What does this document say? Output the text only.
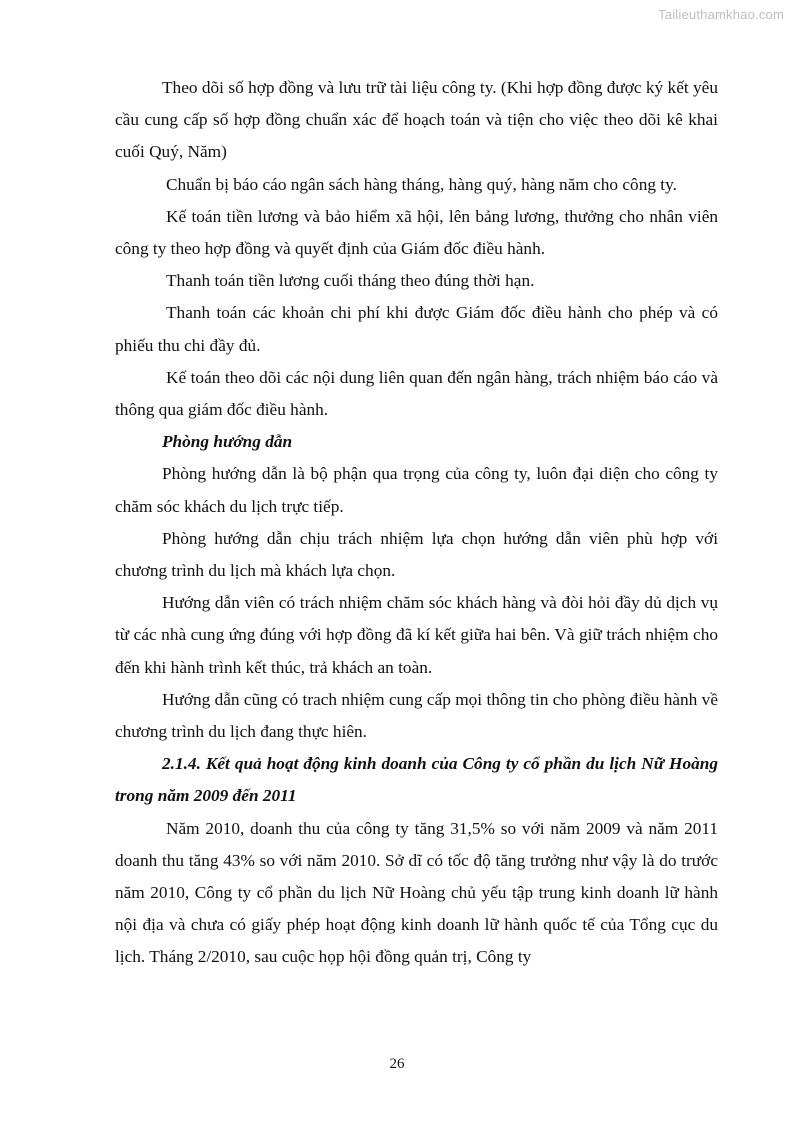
Tailieuthamkhao.com

Theo dõi số hợp đồng và lưu trữ tài liệu công ty. (Khi hợp đồng được ký kết yêu cầu cung cấp số hợp đồng chuẩn xác để hoạch toán và tiện cho việc theo dõi kê khai cuối Quý, Năm)

Chuẩn bị báo cáo ngân sách hàng tháng, hàng quý, hàng năm cho công ty.

Kế toán tiền lương và bảo hiểm xã hội, lên bảng lương, thưởng cho nhân viên công ty theo hợp đồng và quyết định của Giám đốc điều hành.

Thanh toán tiền lương cuối tháng theo đúng thời hạn.

Thanh toán các khoản chi phí khi được Giám đốc điều hành cho phép và có phiếu thu chi đầy đủ.

Kế toán theo dõi các nội dung liên quan đến ngân hàng, trách nhiệm báo cáo và thông qua giám đốc điều hành.

Phòng hướng dẫn

Phòng hướng dẫn là bộ phận qua trọng của công ty, luôn đại diện cho công ty chăm sóc khách du lịch trực tiếp.

Phòng hướng dẫn chịu trách nhiệm lựa chọn hướng dẫn viên phù hợp với chương trình du lịch mà khách lựa chọn.

Hướng dẫn viên có trách nhiệm chăm sóc khách hàng và đòi hỏi đầy dủ dịch vụ từ các nhà cung ứng đúng với hợp đồng đã kí kết giữa hai bên. Và giữ trách nhiệm cho đến khi hành trình kết thúc, trả khách an toàn.

Hướng dẫn cũng có trach nhiệm cung cấp mọi thông tin cho phòng điều hành về chương trình du lịch đang thực hiên.

2.1.4. Kết quả hoạt động kinh doanh của Công ty cổ phần du lịch Nữ Hoàng trong năm 2009 đến 2011

Năm 2010, doanh thu của công ty tăng 31,5% so với năm 2009 và năm 2011 doanh thu tăng 43% so với năm 2010. Sở dĩ có tốc độ tăng trưởng như vậy là do trước năm 2010, Công ty cổ phần du lịch Nữ Hoàng chủ yếu tập trung kinh doanh lữ hành nội địa và chưa có giấy phép hoạt động kinh doanh lữ hành quốc tế của Tổng cục du lịch. Tháng 2/2010, sau cuộc họp hội đồng quản trị, Công ty

26
